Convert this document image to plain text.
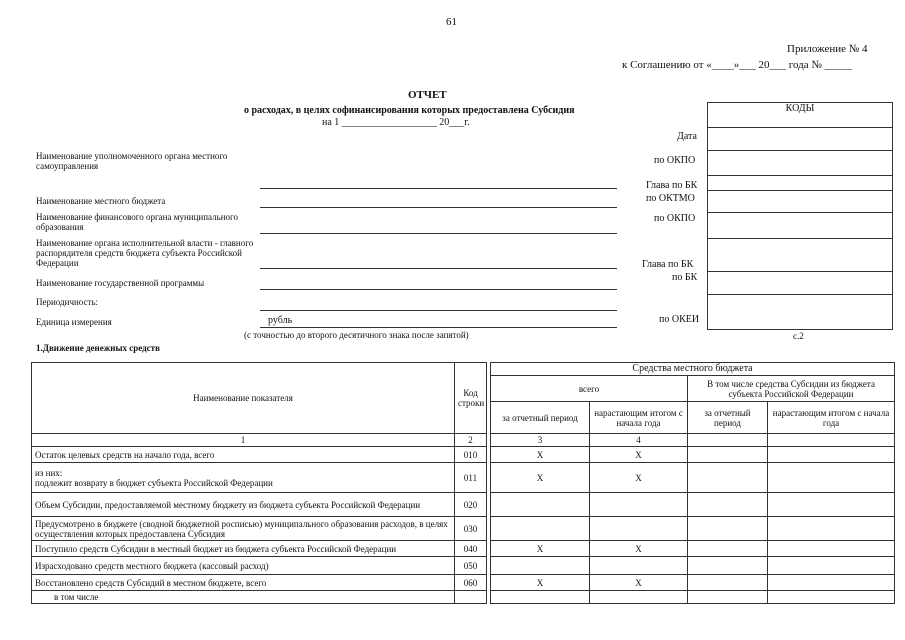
61
Приложение № 4
к Соглашению от «____»___ 20___ года № _____
ОТЧЕТ
о расходах, в целях софинансирования которых предоставлена Субсидия
на 1 ___________________ 20___г.
КОДЫ
Дата
по ОКПО
Глава по БК
по ОКТМО
по ОКПО
Глава по БК
по БК
по ОКЕИ
Наименование уполномоченного органа местного самоуправления
Наименование местного бюджета
Наименование финансового органа муниципального образования
Наименование органа исполнительной власти - главного распорядителя средств бюджета субъекта Российской Федерации
Наименование государственной программы
Периодичность:
Единица измерения	рубль
(с точностью до второго десятичного знака после запятой)	с.2
1.Движение денежных средств
Наименование показателя	Код строки		Средства местного бюджета			
			всего		В том числе средства Субсидии из бюджета субъекта Российской Федерации	
			за отчетный период	нарастающим итогом с начала года	за отчетный период	нарастающим итогом с начала года
1	2		3	4		
Остаток целевых средств на начало года, всего	010		X	X		
из них:
подлежит возврату в бюджет субъекта Российской Федерации	011		X	X		
Объем Субсидии, предоставляемой местному бюджету из бюджета субъекта Российской Федерации	020					
Предусмотрено в бюджете (сводной бюджетной росписью) муниципального образования расходов, в целях осуществления которых предоставлена Субсидия	030					
Поступило средств Субсидии в местный бюджет из бюджета субъекта Российской Федерации	040		X	X		
Израсходовано средств местного бюджета (кассовый расход)	050					
Восстановлено средств Субсидий в местном бюджете, всего	060		X	X		
в том числе						
